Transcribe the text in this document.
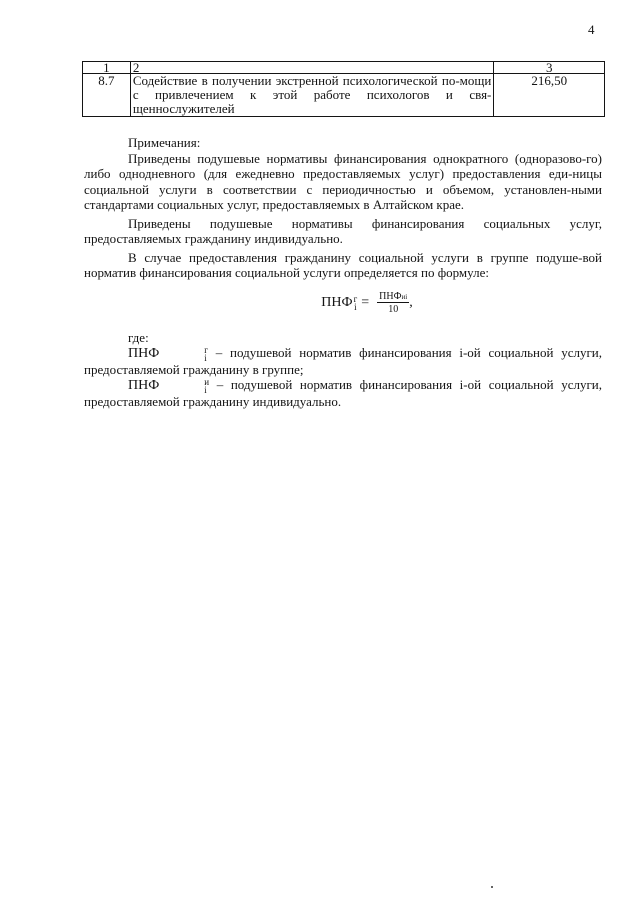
4
1	2	3
8.7	Содействие в получении экстренной психологической по-мощи с привлечением к этой работе психологов и свя-щеннослужителей	216,50

Примечания:

Приведены подушевые нормативы финансирования однократного (одноразово-го) либо однодневного (для ежедневно предоставляемых услуг) предоставления еди-ницы социальной услуги в соответствии с периодичностью и объемом, установлен-ными стандартами социальных услуг, предоставляемых в Алтайском крае.

Приведены подушевые нормативы финансирования социальных услуг, предоставляемых гражданину индивидуально.

В случае предоставления гражданину социальной услуги в группе подуше-вой норматив финансирования социальной услуги определяется по формуле:

ПНФ г
$i = \frac{\text{ПНФиi}}{10}$ ,

где:

ПНФ	г
i – подушевой норматив финансирования i-ой социальной услуги, предоставляемой гражданину в группе;

ПНФ	и
i – подушевой норматив финансирования i-ой социальной услуги, предоставляемой гражданину индивидуально.
